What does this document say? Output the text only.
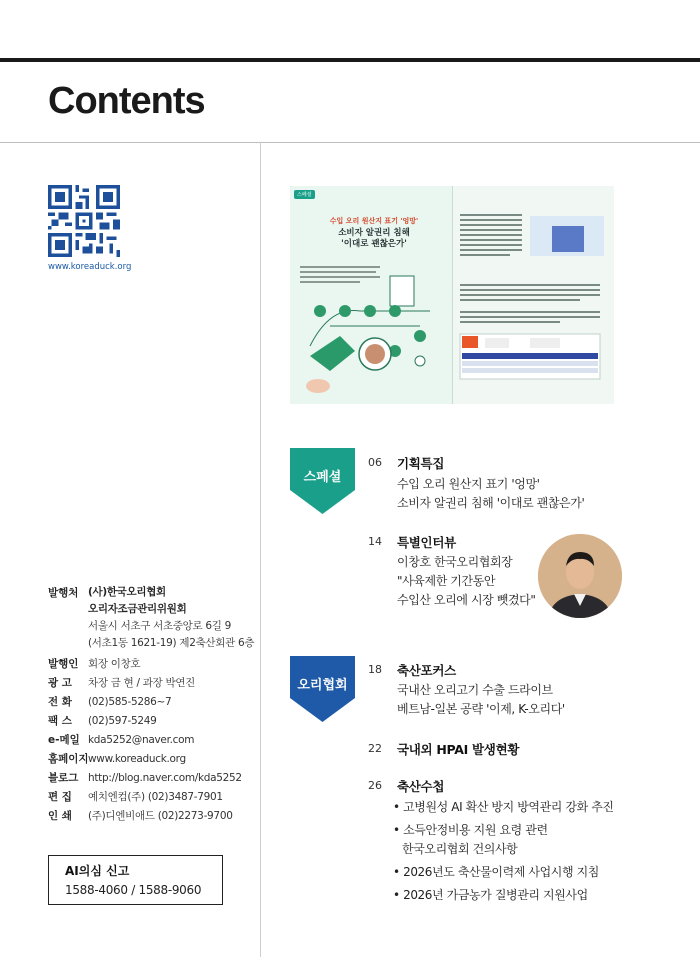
Contents
www.koreaduck.org
발행처 (사)한국오리협회
오리자조금관리위원회
서울시 서초구 서초중앙로 6길 9
(서초1동 1621-19) 제2축산회관 6층
발행인 회장 이창호
광 고	차장 금 현 / 과장 박연진
전 화	(02)585-5286~7
팩 스	(02)597-5249
e-메일 kda5252@naver.com
홈페이지 www.koreaduck.org
블로그 http://blog.naver.com/kda5252
편 집	예치엔컴(주) (02)3487-7901
인 쇄	(주)디엔비애드 (02)2273-9700
AI의심 신고
1588-4060 / 1588-9060
스페셜
수입 오리 원산지 표기 '엉망'
소비자 알권리 침해
'이대로 괜찮은가'
스페셜
06 기획특집
수입 오리 원산지 표기 '엉망'
소비자 알권리 침해 '이대로 괜찮은가'
14 특별인터뷰
이창호 한국오리협회장
"사육제한 기간동안
수입산 오리에 시장 뺏겼다"
오리협회
18 축산포커스
국내산 오리고기 수출 드라이브
베트남-일본 공략 '이제, K-오리다'
22 국내외 HPAI 발생현황
26 축산수첩
• 고병원성 AI 확산 방지 방역관리 강화 추진
• 소득안정비용 지원 요령 관련
한국오리협회 건의사항
• 2026년도 축산물이력제 사업시행 지침
• 2026년 가금농가 질병관리 지원사업
